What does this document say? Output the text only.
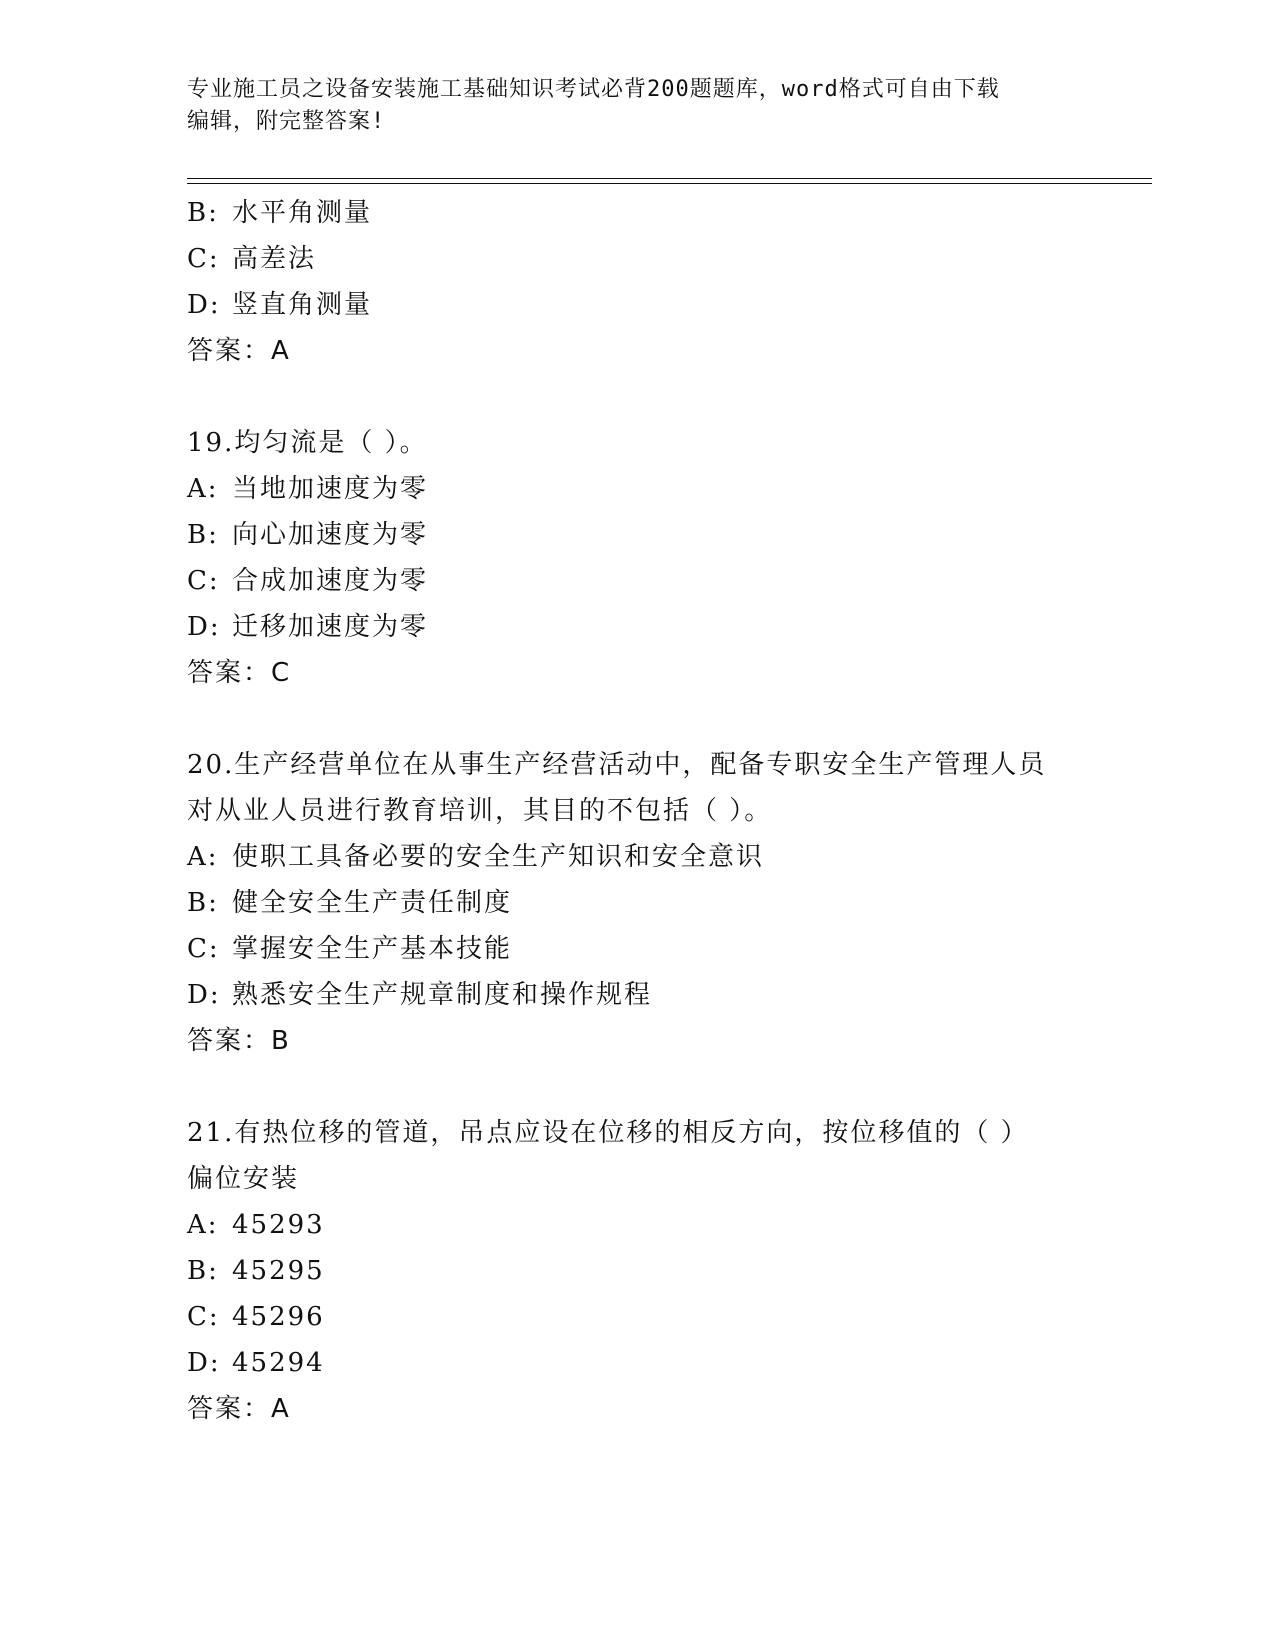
专业施工员之设备安装施工基础知识考试必背200题题库，word格式可自由下载
编辑，附完整答案!
B: 水平角测量
C: 高差法
D: 竖直角测量
答案：A
19.均匀流是（ ）。
A: 当地加速度为零
B: 向心加速度为零
C: 合成加速度为零
D: 迁移加速度为零
答案：C
20.生产经营单位在从事生产经营活动中，配备专职安全生产管理人员
对从业人员进行教育培训，其目的不包括（ ）。
A: 使职工具备必要的安全生产知识和安全意识
B: 健全安全生产责任制度
C: 掌握安全生产基本技能
D: 熟悉安全生产规章制度和操作规程
答案：B
21.有热位移的管道，吊点应设在位移的相反方向，按位移值的（ ）
偏位安装
A: 45293
B: 45295
C: 45296
D: 45294
答案：A
